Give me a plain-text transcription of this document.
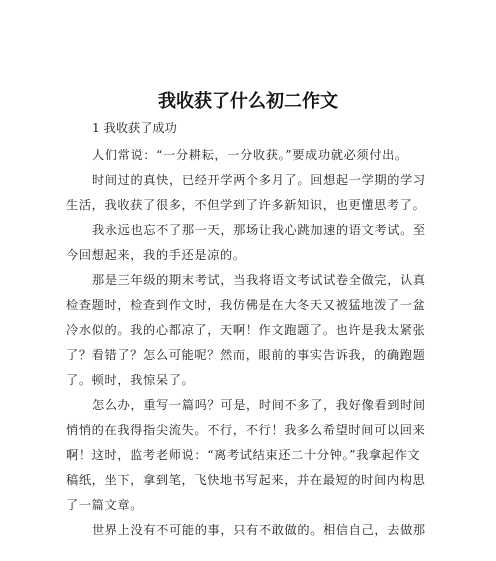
我收获了什么初二作文
1 我收获了成功
人们常说：“一分耕耘，一分收获。”要成功就必须付出。
时间过的真快，已经开学两个多月了。回想起一学期的学习
生活，我收获了很多，不但学到了许多新知识，也更懂思考了。
我永远也忘不了那一天，那场让我心跳加速的语文考试。至
今回想起来，我的手还是凉的。
那是三年级的期末考试，当我将语文考试试卷全做完，认真
检查题时，检查到作文时，我仿佛是在大冬天又被猛地泼了一盆
冷水似的。我的心都凉了，天啊！作文跑题了。也许是我太紧张
了？看错了？怎么可能呢？然而，眼前的事实告诉我，的确跑题
了。顿时，我惊呆了。
怎么办，重写一篇吗？可是，时间不多了，我好像看到时间
悄悄的在我得指尖流失。不行，不行！我多么希望时间可以回来
啊！这时，监考老师说：“离考试结束还二十分钟。”我拿起作文
稿纸，坐下，拿到笔，飞快地书写起来，并在最短的时间内构思
了一篇文章。
世界上没有不可能的事，只有不敢做的。相信自己，去做那
